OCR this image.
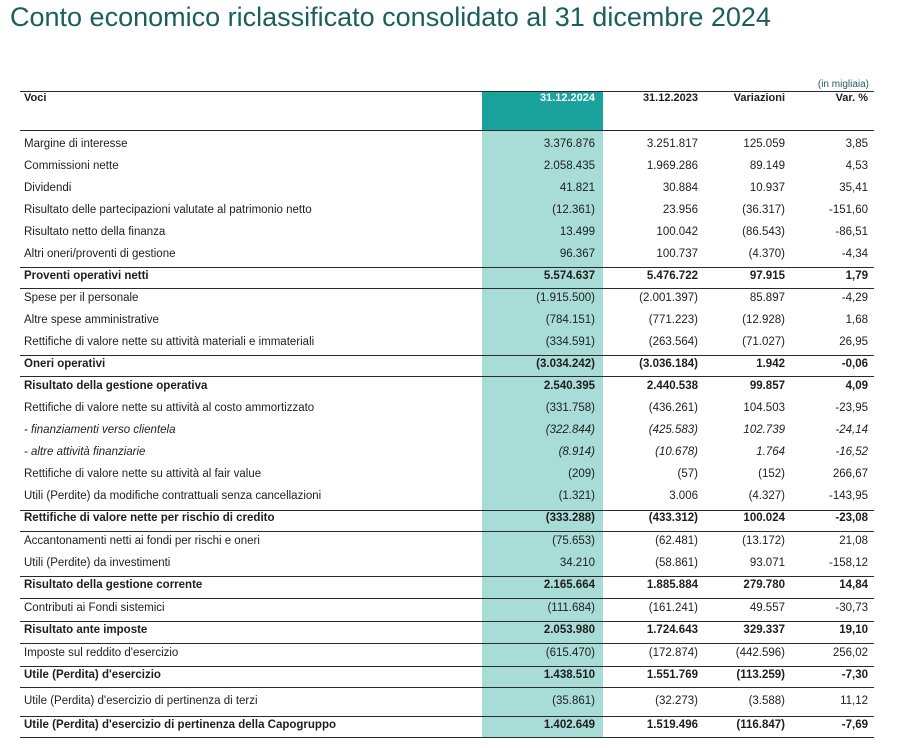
Conto economico riclassificato consolidato al 31 dicembre 2024
(in migliaia)
Voci	31.12.2024	31.12.2023	Variazioni	Var. %
Margine di interesse	3.376.876	3.251.817	125.059	3,85
Commissioni nette	2.058.435	1.969.286	89.149	4,53
Dividendi	41.821	30.884	10.937	35,41
Risultato delle partecipazioni valutate al patrimonio netto	(12.361)	23.956	(36.317)	-151,60
Risultato netto della finanza	13.499	100.042	(86.543)	-86,51
Altri oneri/proventi di gestione	96.367	100.737	(4.370)	-4,34
Proventi operativi netti	5.574.637	5.476.722	97.915	1,79
Spese per il personale	(1.915.500)	(2.001.397)	85.897	-4,29
Altre spese amministrative	(784.151)	(771.223)	(12.928)	1,68
Rettifiche di valore nette su attività materiali e immateriali	(334.591)	(263.564)	(71.027)	26,95
Oneri operativi	(3.034.242)	(3.036.184)	1.942	-0,06
Risultato della gestione operativa	2.540.395	2.440.538	99.857	4,09
Rettifiche di valore nette su attività al costo ammortizzato	(331.758)	(436.261)	104.503	-23,95
- finanziamenti verso clientela	(322.844)	(425.583)	102.739	-24,14
- altre attività finanziarie	(8.914)	(10.678)	1.764	-16,52
Rettifiche di valore nette su attività al fair value	(209)	(57)	(152)	266,67
Utili (Perdite) da modifiche contrattuali senza cancellazioni	(1.321)	3.006	(4.327)	-143,95
Rettifiche di valore nette per rischio di credito	(333.288)	(433.312)	100.024	-23,08
Accantonamenti netti ai fondi per rischi e oneri	(75.653)	(62.481)	(13.172)	21,08
Utili (Perdite) da investimenti	34.210	(58.861)	93.071	-158,12
Risultato della gestione corrente	2.165.664	1.885.884	279.780	14,84
Contributi ai Fondi sistemici	(111.684)	(161.241)	49.557	-30,73
Risultato ante imposte	2.053.980	1.724.643	329.337	19,10
Imposte sul reddito d'esercizio	(615.470)	(172.874)	(442.596)	256,02
Utile (Perdita) d'esercizio	1.438.510	1.551.769	(113.259)	-7,30
Utile (Perdita) d'esercizio di pertinenza di terzi	(35.861)	(32.273)	(3.588)	11,12
Utile (Perdita) d'esercizio di pertinenza della Capogruppo	1.402.649	1.519.496	(116.847)	-7,69
